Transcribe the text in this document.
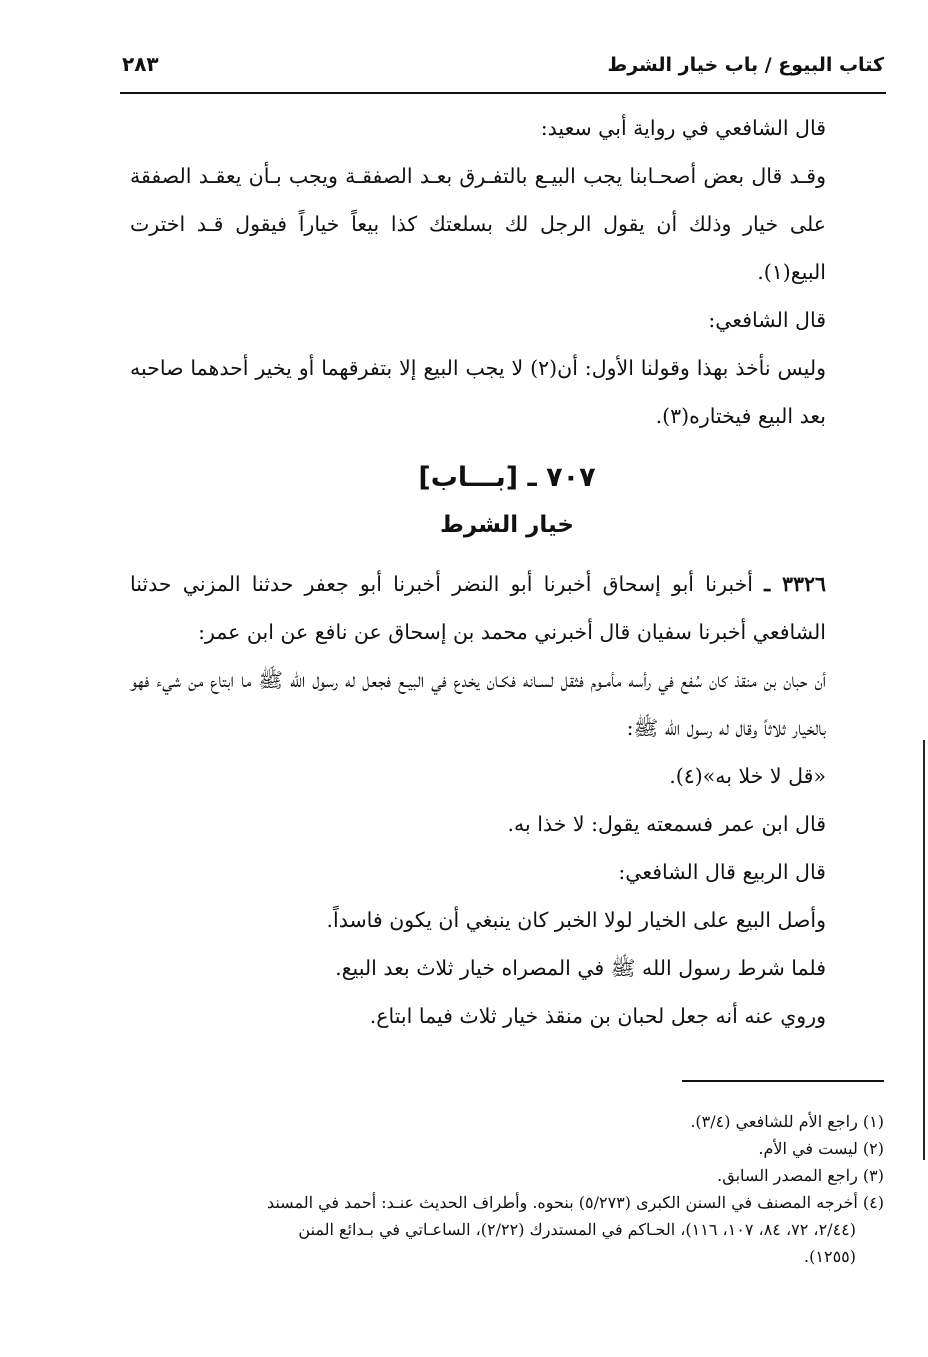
كتاب البيوع / باب خيار الشرط
٢٨٣

قال الشافعي في رواية أبي سعيد:

وقـد قال بعض أصحـابنا يجب البيـع بالتفـرق بعـد الصفقـة ويجب بـأن يعقـد الصفقة على خيار وذلك أن يقول الرجل لك بسلعتك كذا بيعاً خياراً فيقول قـد اخترت البيع(١).

قال الشافعي:

وليس نأخذ بهذا وقولنا الأول: أن(٢) لا يجب البيع إلا بتفرقهما أو يخير أحدهما صاحبه بعد البيع فيختاره(٣).

٧٠٧ ـ [بـــاب]
خيار الشرط

٣٣٢٦ ـ أخبرنا أبو إسحاق أخبرنا أبو النضر أخبرنا أبو جعفر حدثنا المزني حدثنا الشافعي أخبرنا سفيان قال أخبرني محمد بن إسحاق عن نافع عن ابن عمر:

أن حبان بن منقذ كان سُفع في رأسه مأمـوم فثقل لسـانه فكـان يخدع في البيـع فجعل له رسول الله ﷺ ما ابتاع من شيء فهو بالخيار ثلاثاً وقال له رسول الله ﷺ:

«قل لا خلا به»(٤).

قال ابن عمر فسمعته يقول: لا خذا به.

قال الربيع قال الشافعي:

وأصل البيع على الخيار لولا الخبر كان ينبغي أن يكون فاسداً.

فلما شرط رسول الله ﷺ في المصراه خيار ثلاث بعد البيع.

وروي عنه أنه جعل لحبان بن منقذ خيار ثلاث فيما ابتاع.

(١) راجع الأم للشافعي (٣/٤).

(٢) ليست في الأم.

(٣) راجع المصدر السابق.

(٤) أخرجه المصنف في السنن الكبرى (٥/٢٧٣) بنحوه. وأطراف الحديث عنـد: أحمد في المسند

(٢/٤٤، ٧٢، ٨٤، ١٠٧، ١١٦)، الحـاكم في المستدرك (٢/٢٢)، الساعـاتي في بـدائع المنن

(١٢٥٥).
